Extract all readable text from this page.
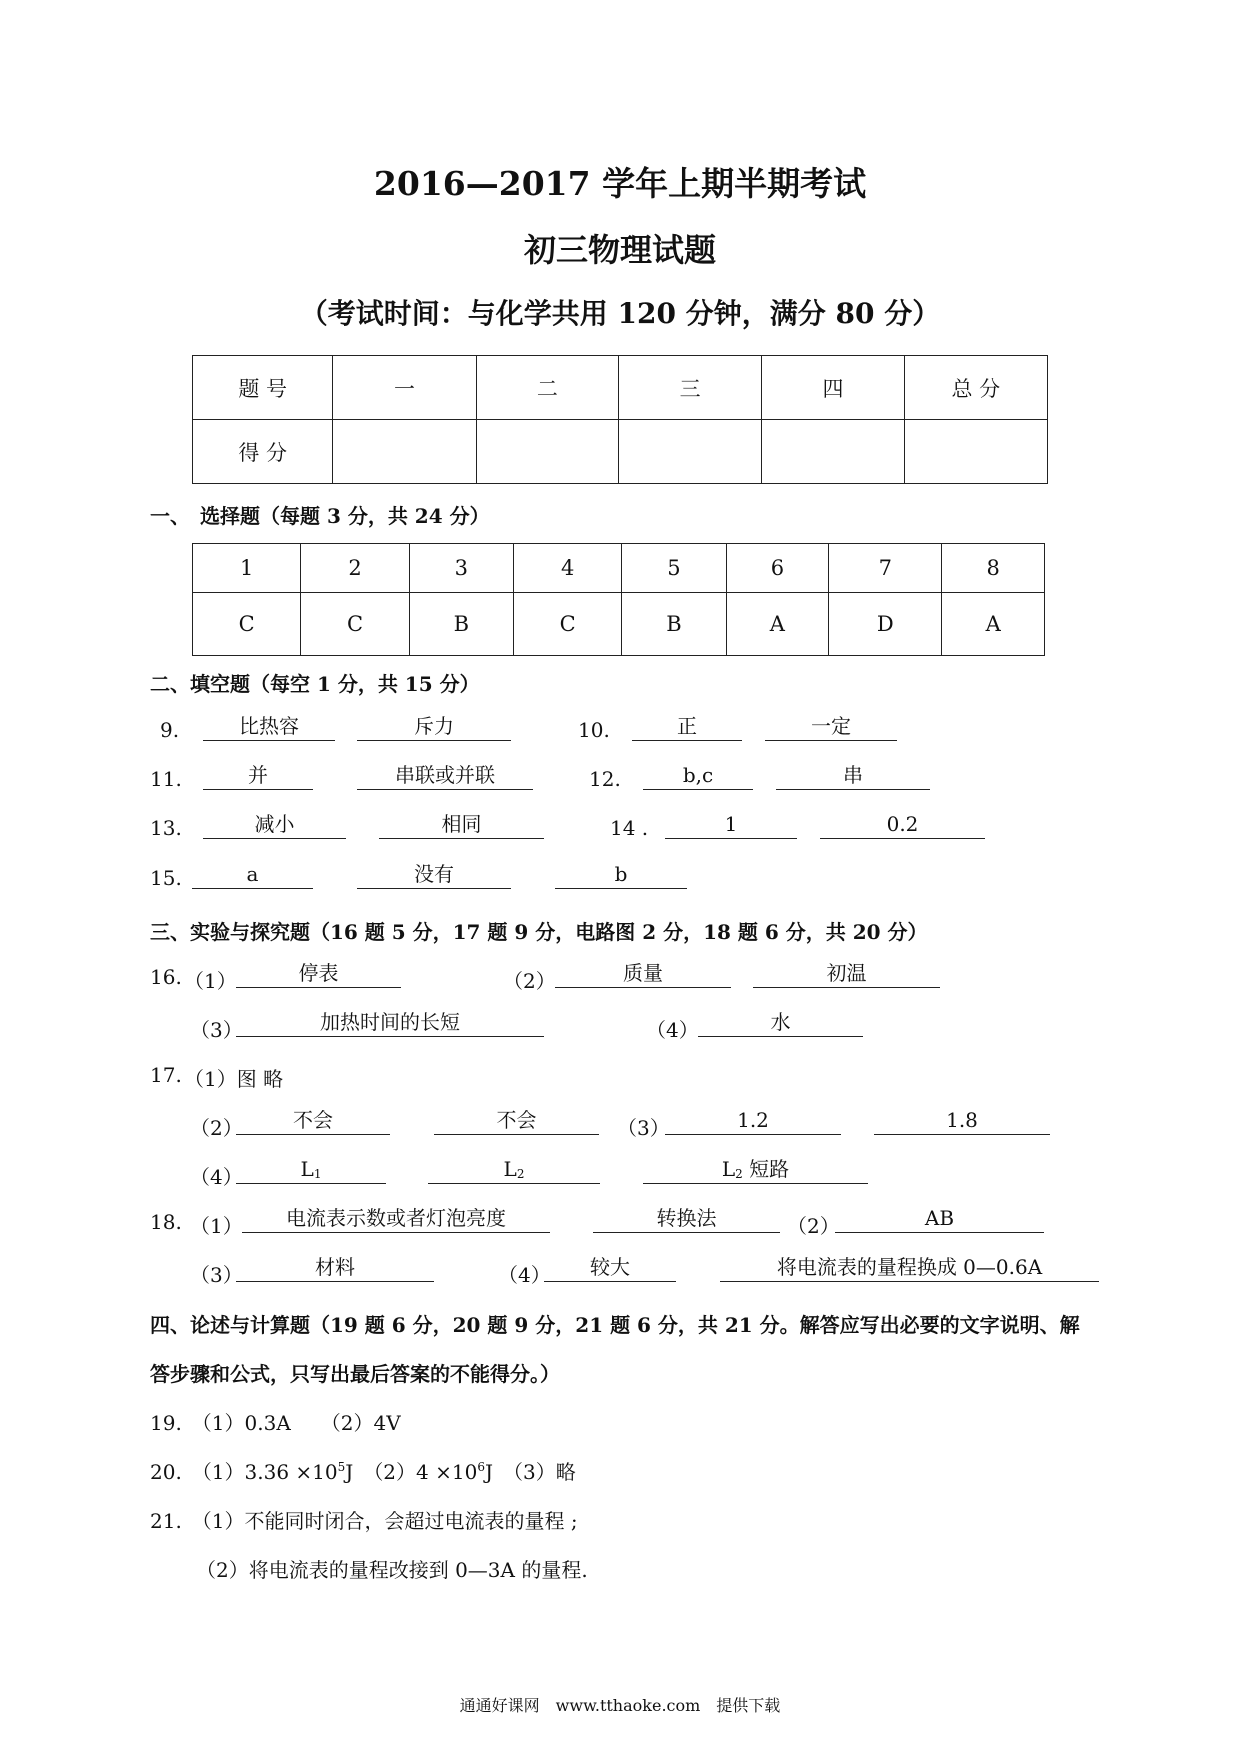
2016—2017 学年上期半期考试
初三物理试题
（考试时间：与化学共用 120 分钟，满分 80 分）
题 号	一	二	三	四	总 分
得 分					
一、　选择题（每题 3 分，共 24 分）
1	2	3	4	5	6	7	8
C	C	B	C	B	A	D	A
二、填空题（每空 1 分，共 15 分）
9.	比热容	斥力	10.	正	一定
11.	并	串联或并联	12.	b,c	串
13.	减小	相同	14 .	1	0.2
15.	a	没有	b
三、实验与探究题（16 题 5 分，17 题 9 分，电路图 2 分，18 题 6 分，共 20 分）
16. （1）	停表	（2）	质量	初温
（3）	加热时间的长短	（4）	水
17. （1）图 略
（2）	不会	不会	（3）	1.2	1.8
（4）	$L_1$	$L_2$	$L_2$ 短路
18. （1）	电流表示数或者灯泡亮度	转换法	（2）	AB
（3）	材料	（4）	较大	将电流表的量程换成 0—0.6A
四、论述与计算题（19 题 6 分，20 题 9 分，21 题 6 分，共 21 分。解答应写出必要的文字说明、解
答步骤和公式，只写出最后答案的不能得分。）
19.　（1）0.3A　　（2）4V
20.　 $(1)3.36 \times 10^5J$　 $(2)4 \times 10^6J$　 （3）略
21.　（1）不能同时闭合，会超过电流表的量程 ;
（2）将电流表的量程改接到 0—3A 的量程.
通通好课网　www.tthaoke.com　提供下载
